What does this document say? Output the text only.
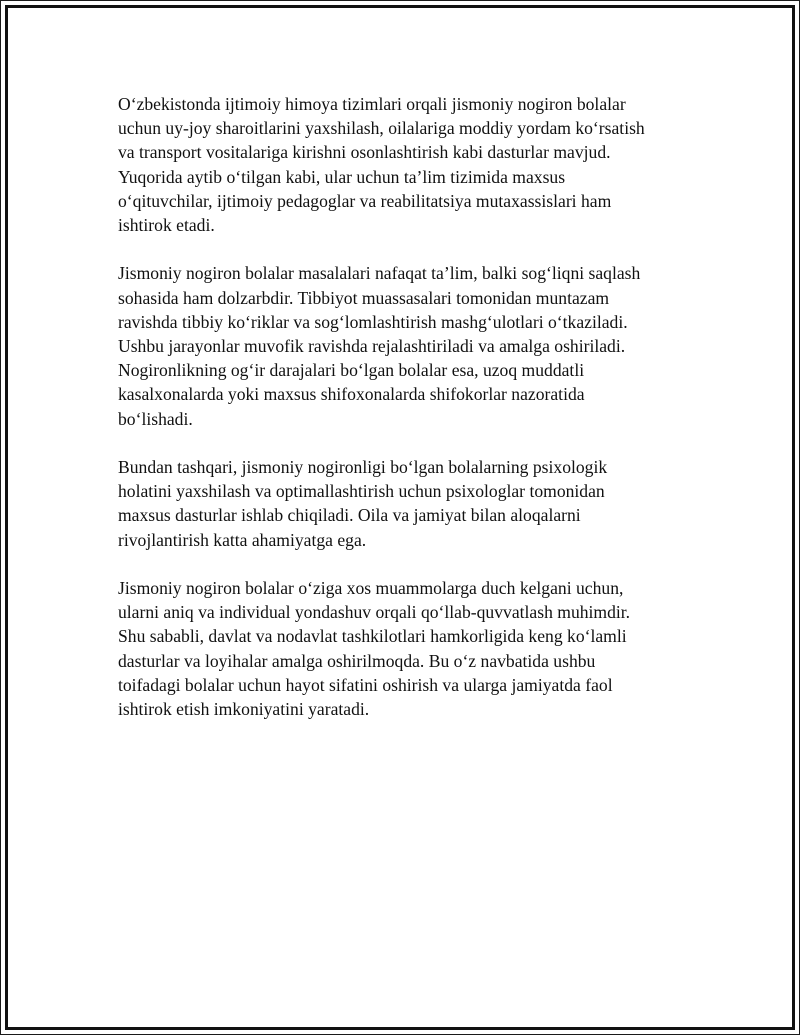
O‘zbekistonda ijtimoiy himoya tizimlari orqali jismoniy nogiron bolalar
uchun uy-joy sharoitlarini yaxshilash, oilalariga moddiy yordam ko‘rsatish
va transport vositalariga kirishni osonlashtirish kabi dasturlar mavjud.
Yuqorida aytib o‘tilgan kabi, ular uchun ta’lim tizimida maxsus
o‘qituvchilar, ijtimoiy pedagoglar va reabilitatsiya mutaxassislari ham
ishtirok etadi.

Jismoniy nogiron bolalar masalalari nafaqat ta’lim, balki sog‘liqni saqlash
sohasida ham dolzarbdir. Tibbiyot muassasalari tomonidan muntazam
ravishda tibbiy ko‘riklar va sog‘lomlashtirish mashg‘ulotlari o‘tkaziladi.
Ushbu jarayonlar muvofik ravishda rejalashtiriladi va amalga oshiriladi.
Nogironlikning og‘ir darajalari bo‘lgan bolalar esa, uzoq muddatli
kasalxonalarda yoki maxsus shifoxonalarda shifokorlar nazoratida
bo‘lishadi.

Bundan tashqari, jismoniy nogironligi bo‘lgan bolalarning psixologik
holatini yaxshilash va optimallashtirish uchun psixologlar tomonidan
maxsus dasturlar ishlab chiqiladi. Oila va jamiyat bilan aloqalarni
rivojlantirish katta ahamiyatga ega.

Jismoniy nogiron bolalar o‘ziga xos muammolarga duch kelgani uchun,
ularni aniq va individual yondashuv orqali qo‘llab-quvvatlash muhimdir.
Shu sababli, davlat va nodavlat tashkilotlari hamkorligida keng ko‘lamli
dasturlar va loyihalar amalga oshirilmoqda. Bu o‘z navbatida ushbu
toifadagi bolalar uchun hayot sifatini oshirish va ularga jamiyatda faol
ishtirok etish imkoniyatini yaratadi.
